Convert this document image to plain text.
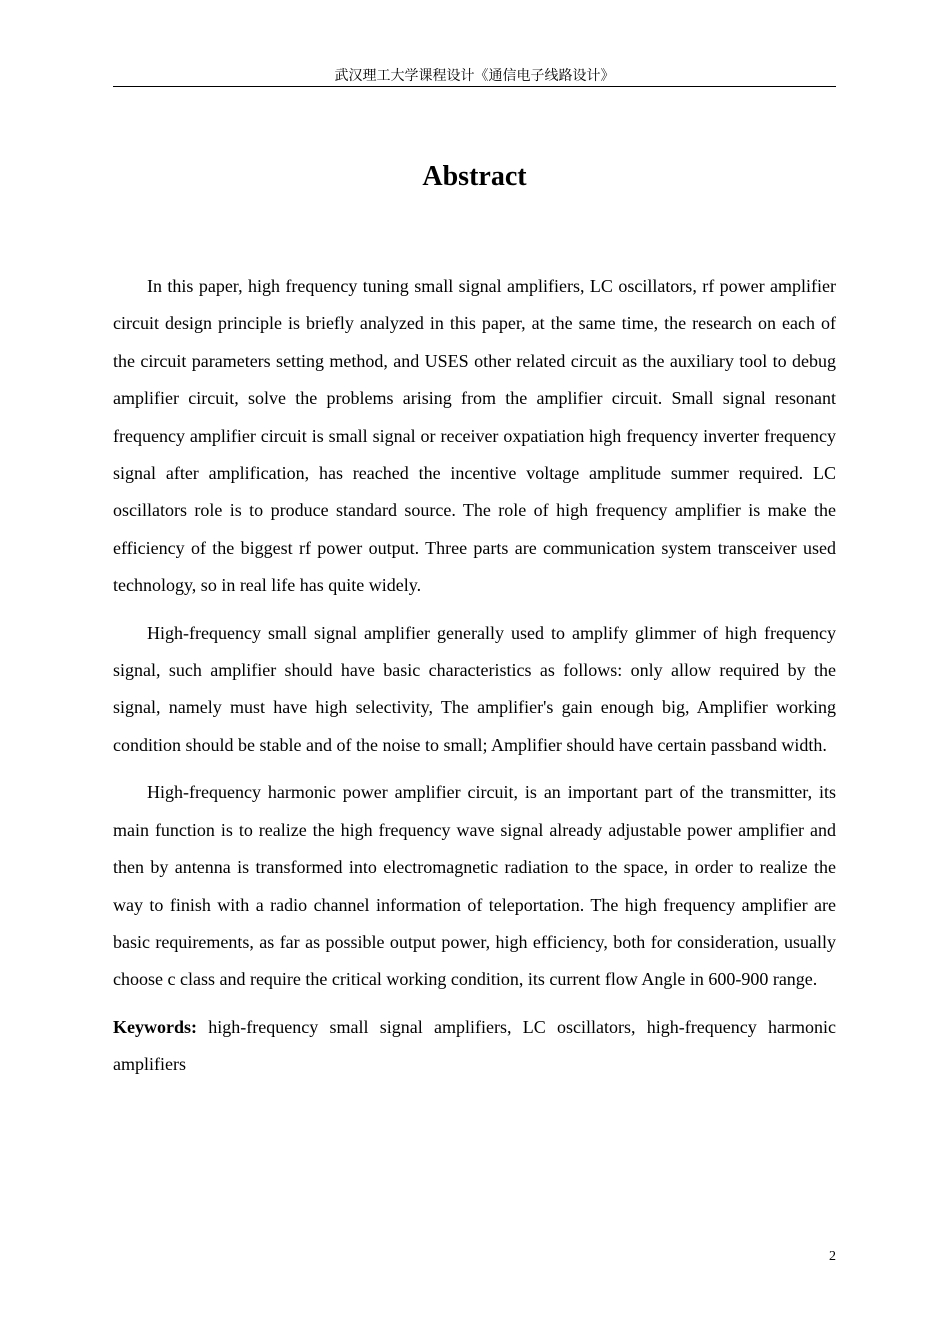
武汉理工大学课程设计《通信电子线路设计》
Abstract

In this paper, high frequency tuning small signal amplifiers, LC oscillators, rf power amplifier circuit design principle is briefly analyzed in this paper, at the same time, the research on each of the circuit parameters setting method, and USES other related circuit as the auxiliary tool to debug amplifier circuit, solve the problems arising from the amplifier circuit. Small signal resonant frequency amplifier circuit is small signal or receiver oxpatiation high frequency inverter frequency signal after amplification, has reached the incentive voltage amplitude summer required. LC oscillators role is to produce standard source. The role of high frequency amplifier is make the efficiency of the biggest rf power output. Three parts are communication system transceiver used technology, so in real life has quite widely.

High-frequency small signal amplifier generally used to amplify glimmer of high frequency signal, such amplifier should have basic characteristics as follows: only allow required by the signal, namely must have high selectivity, The amplifier's gain enough big, Amplifier working condition should be stable and of the noise to small; Amplifier should have certain passband width.

High-frequency harmonic power amplifier circuit, is an important part of the transmitter, its main function is to realize the high frequency wave signal already adjustable power amplifier and then by antenna is transformed into electromagnetic radiation to the space, in order to realize the way to finish with a radio channel information of teleportation. The high frequency amplifier are basic requirements, as far as possible output power, high efficiency, both for consideration, usually choose c class and require the critical working condition, its current flow Angle in 600-900 range.

Keywords: high-frequency small signal amplifiers, LC oscillators, high-frequency harmonic amplifiers

2
